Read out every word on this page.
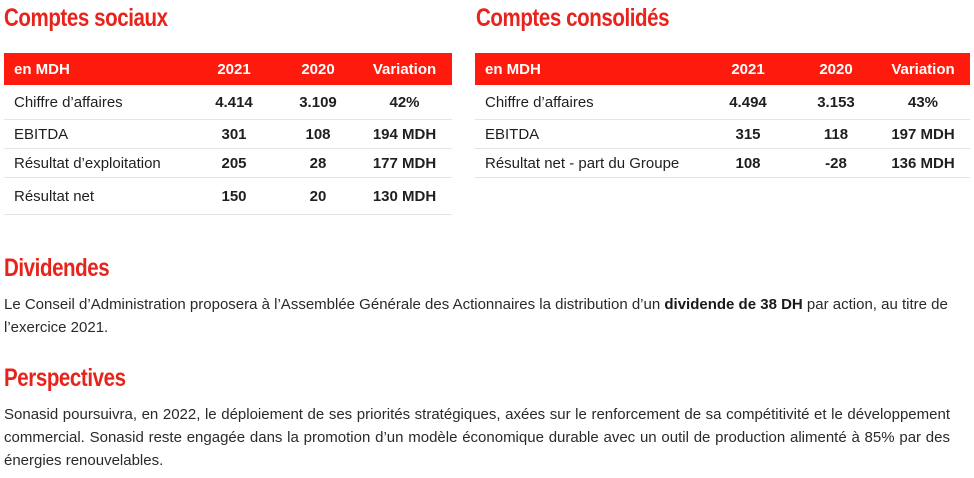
Comptes sociaux
en MDH	2021	2020	Variation
Chiffre d’affaires	4.414	3.109	42%
EBITDA	301	108	194 MDH
Résultat d’exploitation	205	28	177 MDH
Résultat net	150	20	130 MDH
Comptes consolidés
en MDH	2021	2020	Variation
Chiffre d’affaires	4.494	3.153	43%
EBITDA	315	118	197 MDH
Résultat net - part du Groupe	108	-28	136 MDH
Dividendes

Le Conseil d’Administration proposera à l’Assemblée Générale des Actionnaires la distribution d’un dividende de 38 DH par action, au titre de l’exercice 2021.

Perspectives

Sonasid poursuivra, en 2022, le déploiement de ses priorités stratégiques, axées sur le renforcement de sa compétitivité et le développement commercial. Sonasid reste engagée dans la promotion d’un modèle économique durable avec un outil de production alimenté à 85% par des énergies renouvelables.
